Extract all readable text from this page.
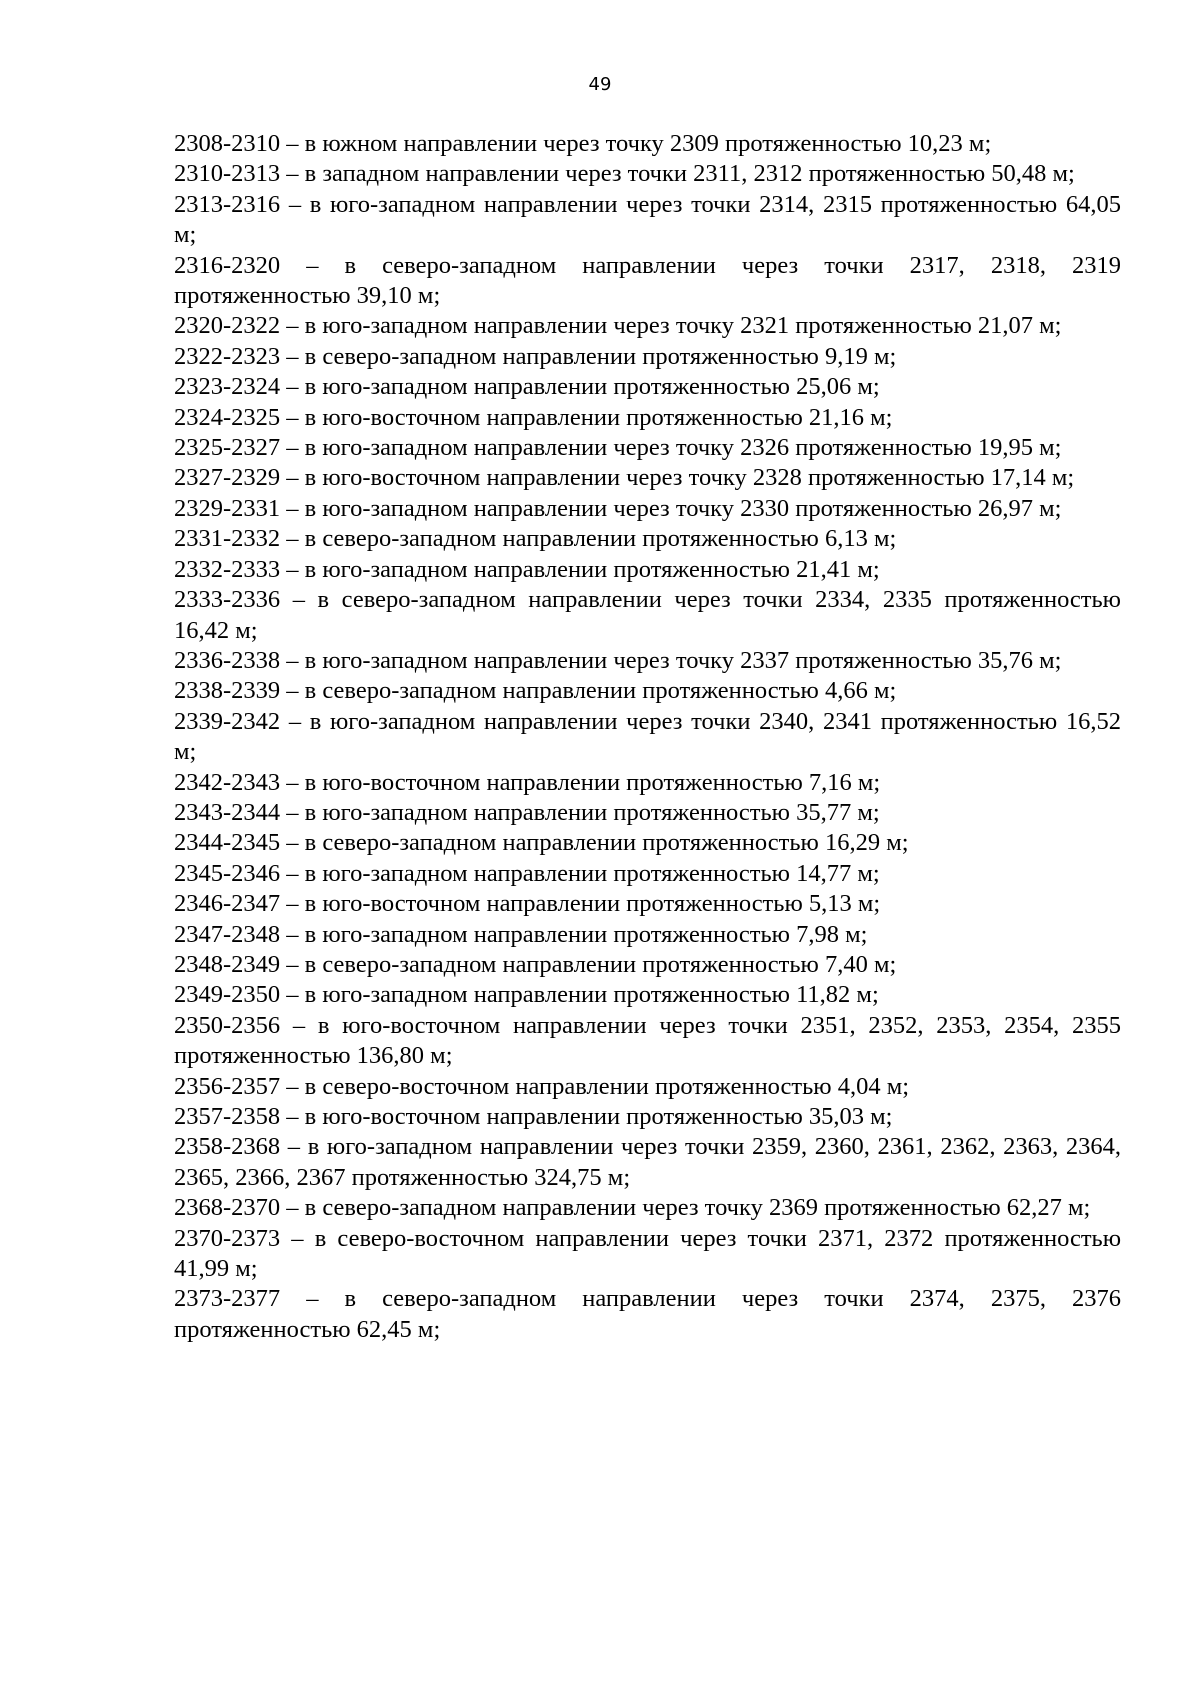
49

2308-2310 – в южном направлении через точку 2309 протяженностью 10,23 м;

2310-2313 – в западном направлении через точки 2311, 2312 протяженностью 50,48 м;

2313-2316 – в юго-западном направлении через точки 2314, 2315 протяженностью 64,05 м;

2316-2320 – в северо-западном направлении через точки 2317, 2318, 2319 протяженностью 39,10 м;

2320-2322 – в юго-западном направлении через точку 2321 протяженностью 21,07 м;

2322-2323 – в северо-западном направлении протяженностью 9,19 м;

2323-2324 – в юго-западном направлении протяженностью 25,06 м;

2324-2325 – в юго-восточном направлении протяженностью 21,16 м;

2325-2327 – в юго-западном направлении через точку 2326 протяженностью 19,95 м;

2327-2329 – в юго-восточном направлении через точку 2328 протяженностью 17,14 м;

2329-2331 – в юго-западном направлении через точку 2330 протяженностью 26,97 м;

2331-2332 – в северо-западном направлении протяженностью 6,13 м;

2332-2333 – в юго-западном направлении протяженностью 21,41 м;

2333-2336 – в северо-западном направлении через точки 2334, 2335 протяженностью 16,42 м;

2336-2338 – в юго-западном направлении через точку 2337 протяженностью 35,76 м;

2338-2339 – в северо-западном направлении протяженностью 4,66 м;

2339-2342 – в юго-западном направлении через точки 2340, 2341 протяженностью 16,52 м;

2342-2343 – в юго-восточном направлении протяженностью 7,16 м;

2343-2344 – в юго-западном направлении протяженностью 35,77 м;

2344-2345 – в северо-западном направлении протяженностью 16,29 м;

2345-2346 – в юго-западном направлении протяженностью 14,77 м;

2346-2347 – в юго-восточном направлении протяженностью 5,13 м;

2347-2348 – в юго-западном направлении протяженностью 7,98 м;

2348-2349 – в северо-западном направлении протяженностью 7,40 м;

2349-2350 – в юго-западном направлении протяженностью 11,82 м;

2350-2356 – в юго-восточном направлении через точки 2351, 2352, 2353, 2354, 2355 протяженностью 136,80 м;

2356-2357 – в северо-восточном направлении протяженностью 4,04 м;

2357-2358 – в юго-восточном направлении протяженностью 35,03 м;

2358-2368 – в юго-западном направлении через точки 2359, 2360, 2361, 2362, 2363, 2364, 2365, 2366, 2367 протяженностью 324,75 м;

2368-2370 – в северо-западном направлении через точку 2369 протяженностью 62,27 м;

2370-2373 – в северо-восточном направлении через точки 2371, 2372 протяженностью 41,99 м;

2373-2377 – в северо-западном направлении через точки 2374, 2375, 2376 протяженностью 62,45 м;
